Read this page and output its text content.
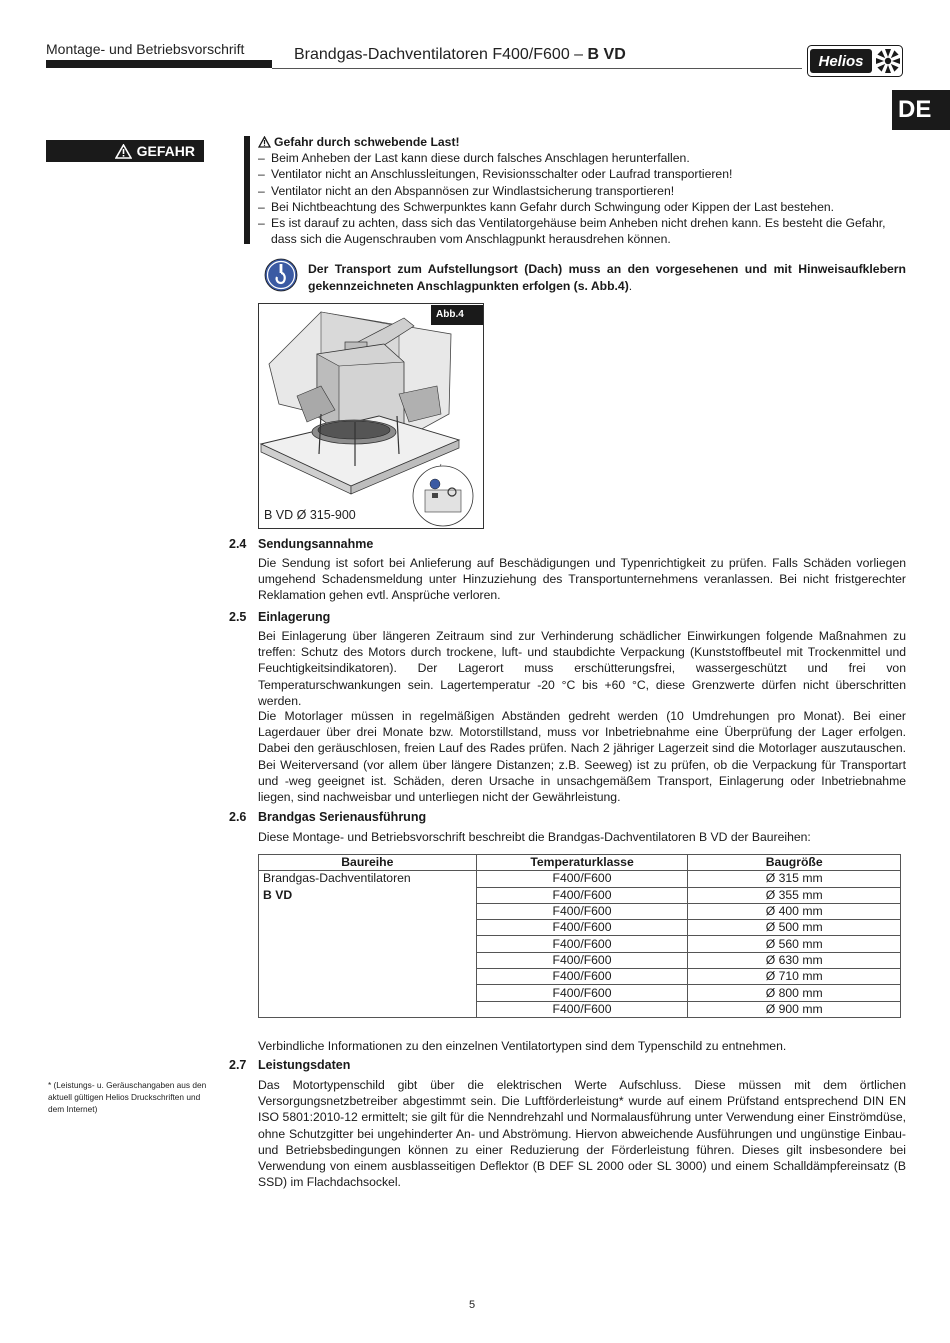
Montage- und Betriebsvorschrift	Brandgas-Dachventilatoren F400/F600 – B VD	Helios
DE
GEFAHR
Gefahr durch schwebende Last!
– Beim Anheben der Last kann diese durch falsches Anschlagen herunterfallen.
– Ventilator nicht an Anschlussleitungen, Revisionsschalter oder Laufrad transportieren!
– Ventilator nicht an den Abspannösen zur Windlastsicherung transportieren!
– Bei Nichtbeachtung des Schwerpunktes kann Gefahr durch Schwingung oder Kippen der Last bestehen.
– Es ist darauf zu achten, dass sich das Ventilatorgehäuse beim Anheben nicht drehen kann. Es besteht die Gefahr, dass sich die Augenschrauben vom Anschlagpunkt herausdrehen können.
Der Transport zum Aufstellungsort (Dach) muss an den vorgesehenen und mit Hinweisaufklebern gekennzeichneten Anschlagpunkten erfolgen (s. Abb.4).
Abb.4
B VD Ø 315-900
2.4 Sendungsannahme
Die Sendung ist sofort bei Anlieferung auf Beschädigungen und Typenrichtigkeit zu prüfen. Falls Schäden vorliegen umgehend Schadensmeldung unter Hinzuziehung des Transportunternehmens veranlassen. Bei nicht fristgerechter Reklamation gehen evtl. Ansprüche verloren.
2.5 Einlagerung
Bei Einlagerung über längeren Zeitraum sind zur Verhinderung schädlicher Einwirkungen folgende Maßnahmen zu treffen: Schutz des Motors durch trockene, luft- und staubdichte Verpackung (Kunststoffbeutel mit Trockenmittel und Feuchtigkeitsindikatoren). Der Lagerort muss erschütterungsfrei, wassergeschützt und frei von Temperaturschwankungen sein. Lagertemperatur -20 °C bis +60 °C, diese Grenzwerte dürfen nicht überschritten werden.
Die Motorlager müssen in regelmäßigen Abständen gedreht werden (10 Umdrehungen pro Monat). Bei einer Lagerdauer über drei Monate bzw. Motorstillstand, muss vor Inbetriebnahme eine Überprüfung der Lager erfolgen. Dabei den geräuschlosen, freien Lauf des Rades prüfen. Nach 2 jähriger Lagerzeit sind die Motorlager auszutauschen. Bei Weiterversand (vor allem über längere Distanzen; z.B. Seeweg) ist zu prüfen, ob die Verpackung für Transportart und -weg geeignet ist. Schäden, deren Ursache in unsachgemäßem Transport, Einlagerung oder Inbetriebnahme liegen, sind nachweisbar und unterliegen nicht der Gewährleistung.
2.6 Brandgas Serienausführung
Diese Montage- und Betriebsvorschrift beschreibt die Brandgas-Dachventilatoren B VD der Baureihen:
Baureihe	Temperaturklasse	Baugröße

Brandgas-Dachventilatoren
B VD	F400/F600	Ø 315 mm
	F400/F600	Ø 355 mm
	F400/F600	Ø 400 mm
	F400/F600	Ø 500 mm
	F400/F600	Ø 560 mm
	F400/F600	Ø 630 mm
	F400/F600	Ø 710 mm
	F400/F600	Ø 800 mm
	F400/F600	Ø 900 mm
Verbindliche Informationen zu den einzelnen Ventilatortypen sind dem Typenschild zu entnehmen.
2.7 Leistungsdaten
Das Motortypenschild gibt über die elektrischen Werte Aufschluss. Diese müssen mit dem örtlichen Versorgungsnetzbetreiber abgestimmt sein. Die Luftförderleistung* wurde auf einem Prüfstand entsprechend DIN EN ISO 5801:2010-12 ermittelt; sie gilt für die Nenndrehzahl und Normalausführung unter Verwendung einer Einströmdüse, ohne Schutzgitter bei ungehinderter An- und Abströmung. Hiervon abweichende Ausführungen und ungünstige Einbau- und Betriebsbedingungen können zu einer Reduzierung der Förderleistung führen. Dieses gilt insbesondere bei Verwendung von einem ausblasseitigen Deflektor (B DEF SL 2000 oder SL 3000) und einem Schalldämpfereinsatz (B SSD) im Flachdachsockel.
* (Leistungs- u. Geräuschangaben aus den aktuell gültigen Helios Druckschriften und dem Internet)
5
